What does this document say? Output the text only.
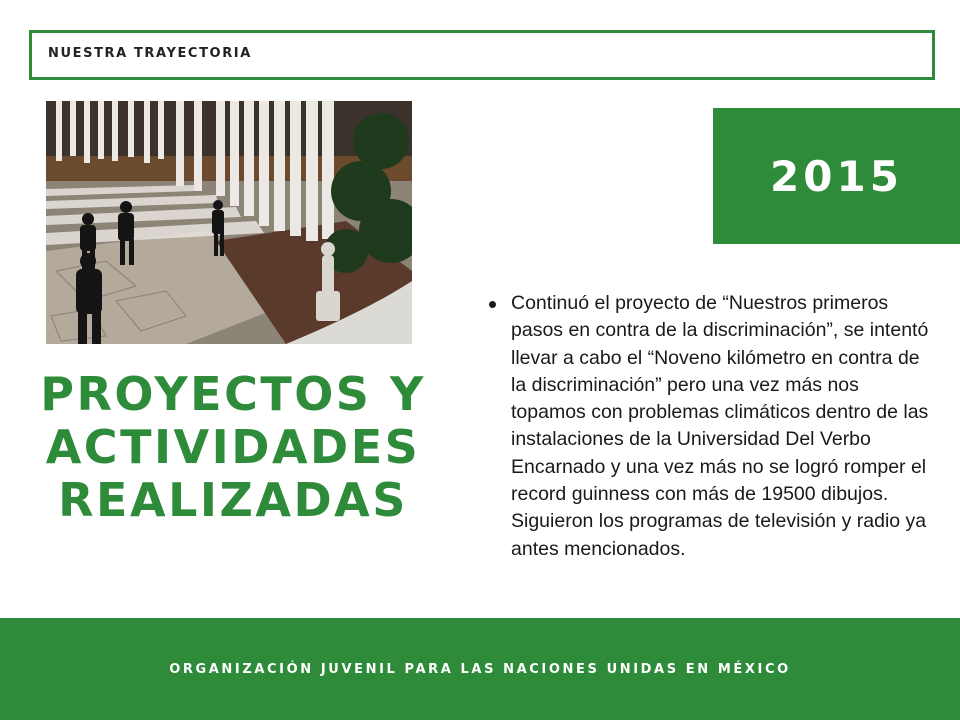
NUESTRA TRAYECTORIA
2015
PROYECTOS Y
ACTIVIDADES
REALIZADAS
Continuó el proyecto de “Nuestros primeros pasos en contra de la discriminación”, se intentó llevar a cabo el “Noveno kilómetro en contra de la discriminación” pero una vez más nos topamos con problemas climáticos dentro de las instalaciones de la Universidad Del Verbo Encarnado y una vez más no se logró romper el record guinness con más de 19500 dibujos. Siguieron los programas de televisión y radio ya antes mencionados.
ORGANIZACIÓN JUVENIL PARA LAS NACIONES UNIDAS EN MÉXICO
